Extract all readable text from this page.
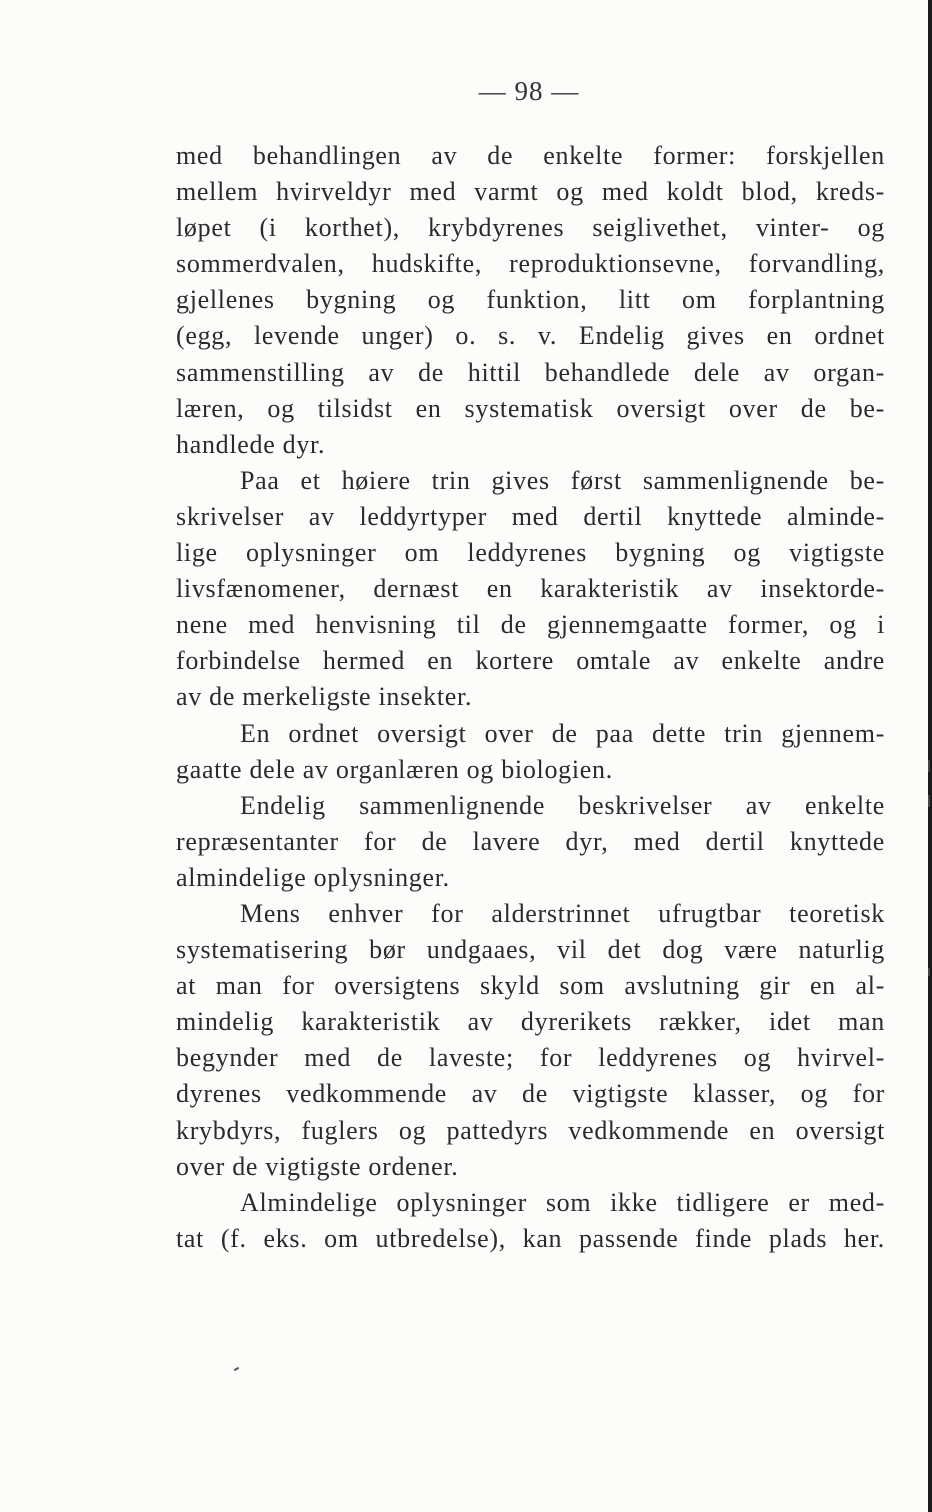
— 98 —
med behandlingen av de enkelte former: forskjellen
mellem hvirveldyr med varmt og med koldt blod, kreds-
løpet (i korthet), krybdyrenes seiglivethet, vinter- og
sommerdvalen, hudskifte, reproduktionsevne, forvandling,
gjellenes bygning og funktion, litt om forplantning
(egg, levende unger) o. s. v. Endelig gives en ordnet
sammenstilling av de hittil behandlede dele av organ-
læren, og tilsidst en systematisk oversigt over de be-
handlede dyr.
Paa et høiere trin gives først sammenlignende be-
skrivelser av leddyrtyper med dertil knyttede alminde-
lige oplysninger om leddyrenes bygning og vigtigste
livsfænomener, dernæst en karakteristik av insektorde-
nene med henvisning til de gjennemgaatte former, og i
forbindelse hermed en kortere omtale av enkelte andre
av de merkeligste insekter.
En ordnet oversigt over de paa dette trin gjennem-
gaatte dele av organlæren og biologien.
Endelig sammenlignende beskrivelser av enkelte
repræsentanter for de lavere dyr, med dertil knyttede
almindelige oplysninger.
Mens enhver for alderstrinnet ufrugtbar teoretisk
systematisering bør undgaaes, vil det dog være naturlig
at man for oversigtens skyld som avslutning gir en al-
mindelig karakteristik av dyrerikets rækker, idet man
begynder med de laveste; for leddyrenes og hvirvel-
dyrenes vedkommende av de vigtigste klasser, og for
krybdyrs, fuglers og pattedyrs vedkommende en oversigt
over de vigtigste ordener.
Almindelige oplysninger som ikke tidligere er med-
tat (f. eks. om utbredelse), kan passende finde plads her.
